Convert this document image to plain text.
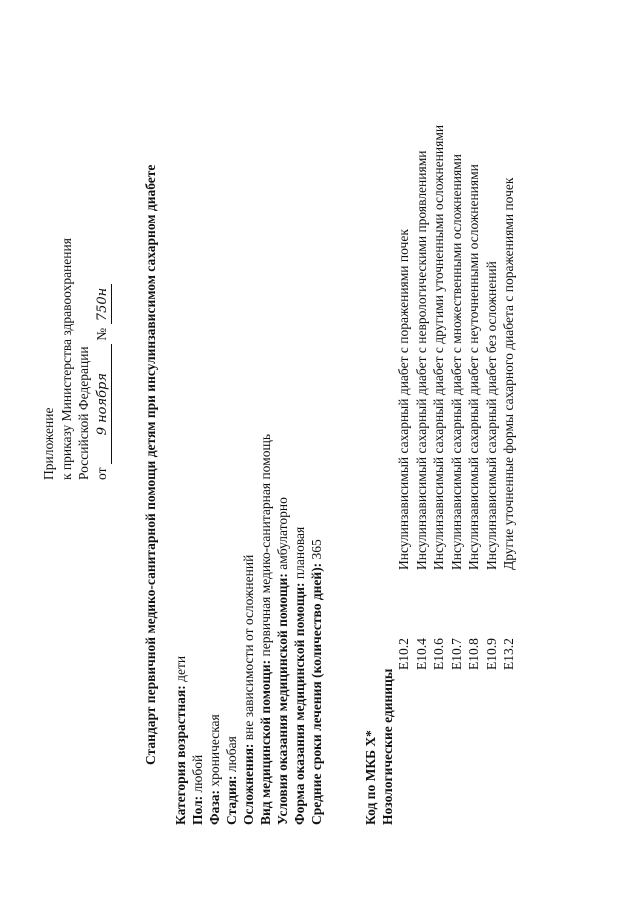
Приложение к приказу Министерства здравоохранения Российской Федерации от 9 ноября № 750н Стандарт первичной медико-санитарной помощи детям при инсулинзависимом сахарном диабете Категория возрастная: дети
Пол: любой
Фаза: хроническая
Стадия: любая Осложнения: вне зависимости от осложнений Вид медицинской помощи: первичная медико-санитарная помощь
Условия оказания медицинской помощи: амбулаторно
Форма оказания медицинской помощи: плановая
Средние сроки лечения (количество дней): 365
Код по МКБ X* Нозологические единицы
E10.2Инсулинзависимый сахарный диабет с поражениями почек
E10.4Инсулинзависимый сахарный диабет с неврологическими проявлениями
E10.6Инсулинзависимый сахарный диабет с другими уточненными осложнениями
E10.7Инсулинзависимый сахарный диабет с множественными осложнениями
E10.8Инсулинзависимый сахарный диабет с неуточненными осложнениями
E10.9Инсулинзависимый сахарный диабет без осложнений
E13.2Другие уточненные формы сахарного диабета с поражениями почек
